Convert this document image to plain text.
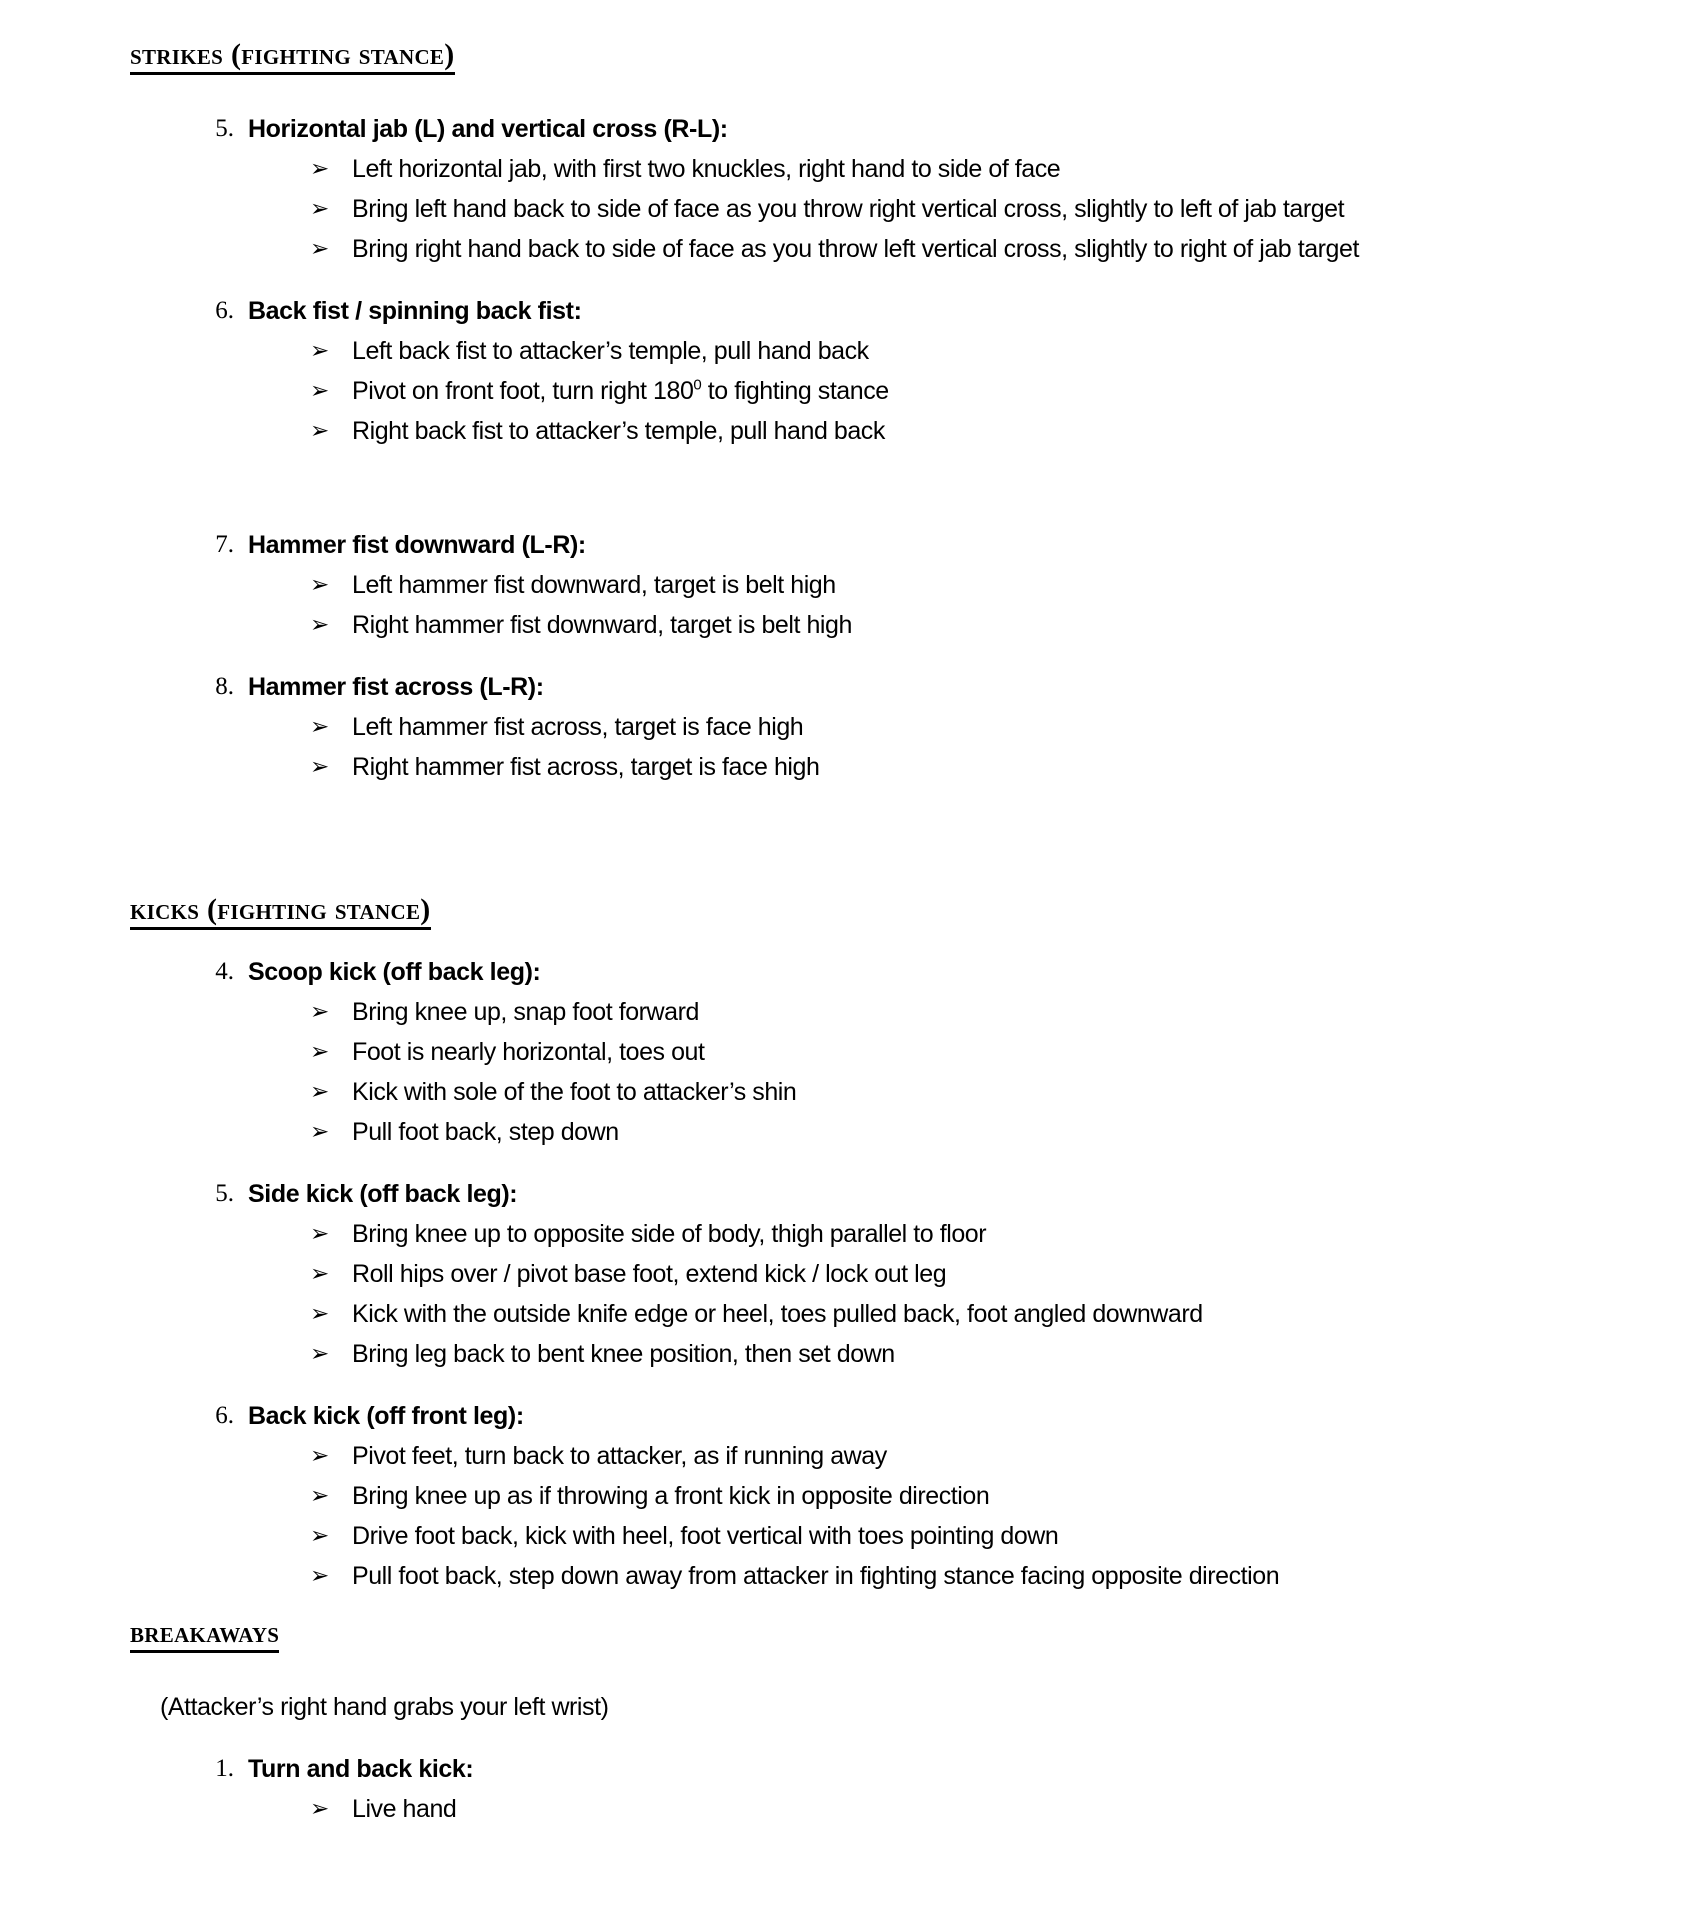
strikes (fighting stance)
5. Horizontal jab (L) and vertical cross (R-L):
➢ Left horizontal jab, with first two knuckles, right hand to side of face
➢ Bring left hand back to side of face as you throw right vertical cross, slightly to left of jab target
➢ Bring right hand back to side of face as you throw left vertical cross, slightly to right of jab target
6. Back fist / spinning back fist:
➢ Left back fist to attacker’s temple, pull hand back
➢ Pivot on front foot, turn right $180^0$ to fighting stance
➢ Right back fist to attacker’s temple, pull hand back
7. Hammer fist downward (L-R):
➢ Left hammer fist downward, target is belt high
➢ Right hammer fist downward, target is belt high
8. Hammer fist across (L-R):
➢ Left hammer fist across, target is face high
➢ Right hammer fist across, target is face high
kicks (fighting stance)
4. Scoop kick (off back leg):
➢ Bring knee up, snap foot forward
➢ Foot is nearly horizontal, toes out
➢ Kick with sole of the foot to attacker’s shin
➢ Pull foot back, step down
5. Side kick (off back leg):
➢ Bring knee up to opposite side of body, thigh parallel to floor
➢ Roll hips over / pivot base foot, extend kick / lock out leg
➢ Kick with the outside knife edge or heel, toes pulled back, foot angled downward
➢ Bring leg back to bent knee position, then set down
6. Back kick (off front leg):
➢ Pivot feet, turn back to attacker, as if running away
➢ Bring knee up as if throwing a front kick in opposite direction
➢ Drive foot back, kick with heel, foot vertical with toes pointing down
➢ Pull foot back, step down away from attacker in fighting stance facing opposite direction
breakaways
(Attacker’s right hand grabs your left wrist)
1. Turn and back kick:
➢ Live hand
